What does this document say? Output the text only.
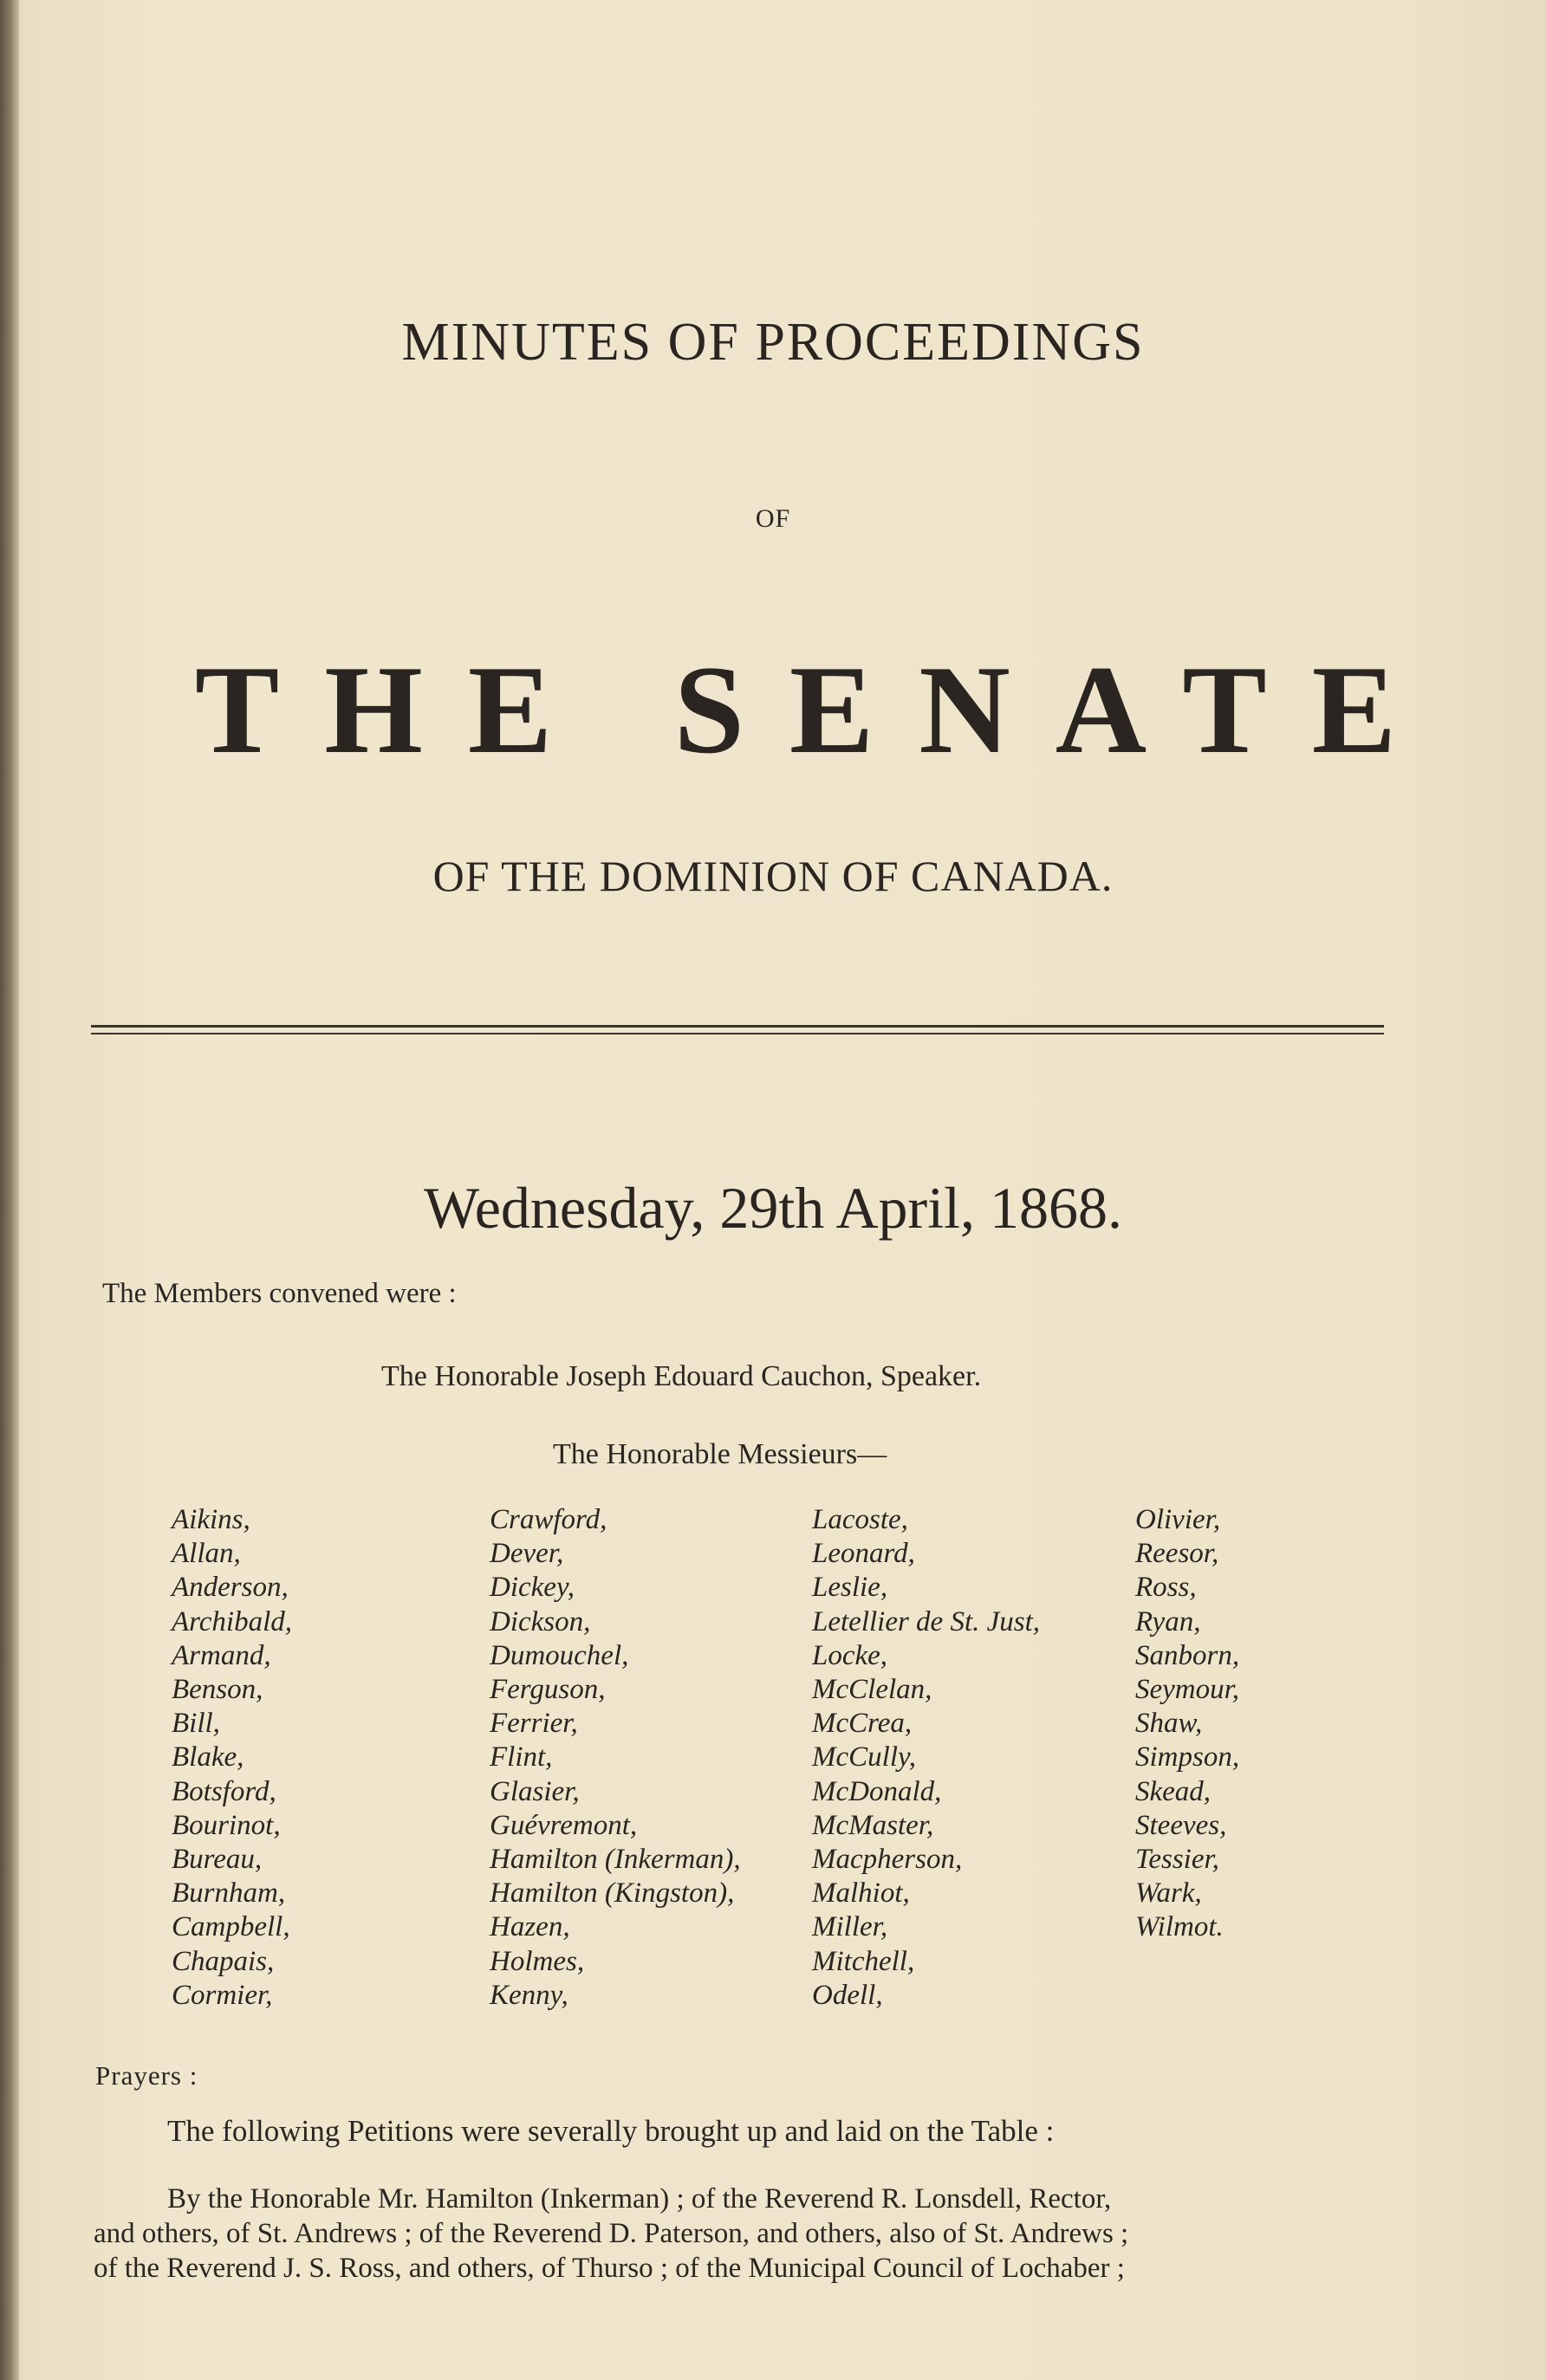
MINUTES OF PROCEEDINGS
OF
THE SENATE
OF THE DOMINION OF CANADA.
Wednesday, 29th April, 1868.
The Members convened were :
The Honorable Joseph Edouard Cauchon, Speaker.
The Honorable Messieurs—
Aikins,
Allan,
Anderson,
Archibald,
Armand,
Benson,
Bill,
Blake,
Botsford,
Bourinot,
Bureau,
Burnham,
Campbell,
Chapais,
Cormier,
Crawford,
Dever,
Dickey,
Dickson,
Dumouchel,
Ferguson,
Ferrier,
Flint,
Glasier,
Guévremont,
Hamilton (Inkerman),
Hamilton (Kingston),
Hazen,
Holmes,
Kenny,
Lacoste,
Leonard,
Leslie,
Letellier de St. Just,
Locke,
McClelan,
McCrea,
McCully,
McDonald,
McMaster,
Macpherson,
Malhiot,
Miller,
Mitchell,
Odell,
Olivier,
Reesor,
Ross,
Ryan,
Sanborn,
Seymour,
Shaw,
Simpson,
Skead,
Steeves,
Tessier,
Wark,
Wilmot.
Prayers :
The following Petitions were severally brought up and laid on the Table :
By the Honorable Mr. Hamilton (Inkerman) ; of the Reverend R. Lonsdell, Rector,
and others, of St. Andrews ; of the Reverend D. Paterson, and others, also of St. Andrews ;
of the Reverend J. S. Ross, and others, of Thurso ; of the Municipal Council of Lochaber ;
